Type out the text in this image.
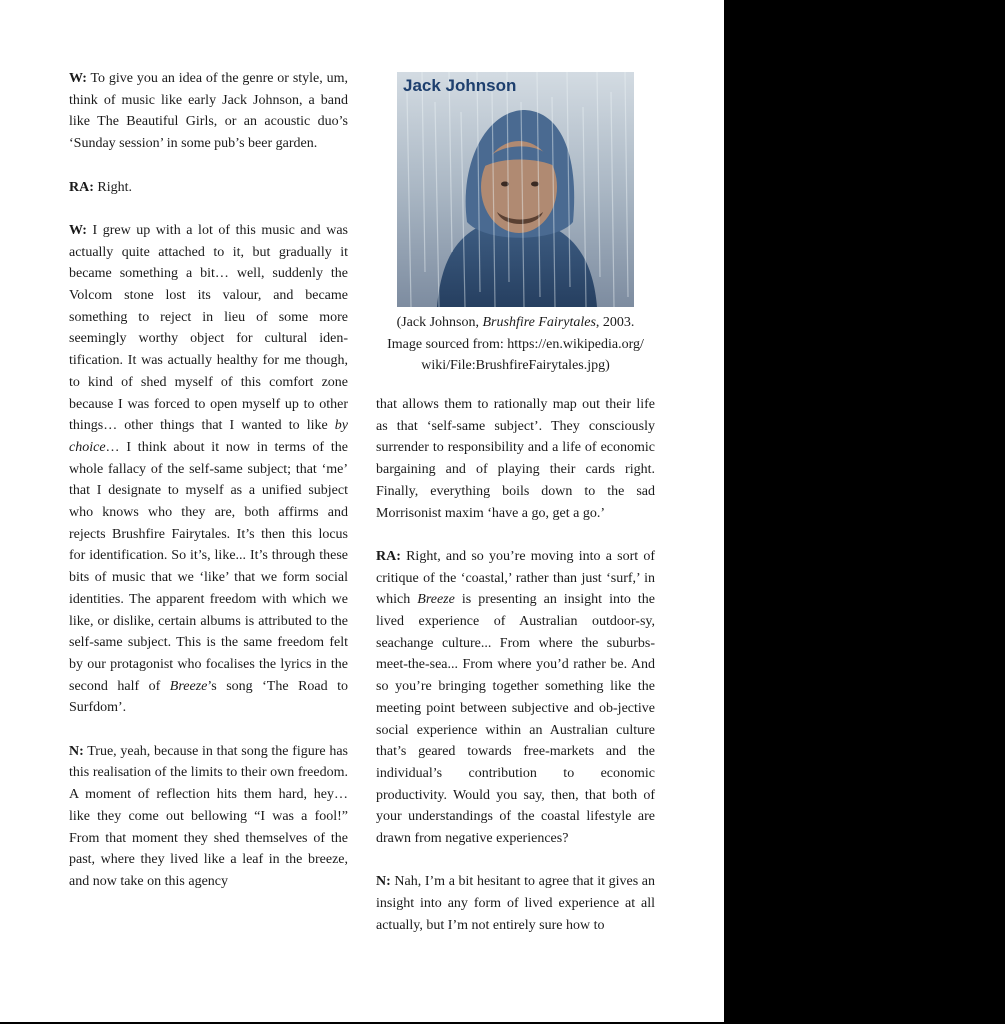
W: To give you an idea of the genre or style, um, think of music like early Jack Johnson, a band like The Beautiful Girls, or an acoustic duo’s ‘Sunday session’ in some pub’s beer garden.

RA: Right.

W: I grew up with a lot of this music and was actually quite attached to it, but gradually it became something a bit… well, suddenly the Volcom stone lost its valour, and became something to reject in lieu of some more seemingly worthy object for cultural iden-tification. It was actually healthy for me though, to kind of shed myself of this comfort zone because I was forced to open myself up to other things… other things that I wanted to like by choice… I think about it now in terms of the whole fallacy of the self-same subject; that ‘me’ that I designate to myself as a unified subject who knows who they are, both affirms and rejects Brushfire Fairytales. It’s then this locus for identification. So it’s, like... It’s through these bits of music that we ‘like’ that we form social identities. The apparent freedom with which we like, or dislike, certain albums is attributed to the self-same subject. This is the same freedom felt by our protagonist who focalises the lyrics in the second half of Breeze’s song ‘The Road to Surfdom’.

N: True, yeah, because in that song the figure has this realisation of the limits to their own freedom. A moment of reflection hits them hard, hey… like they come out bellowing “I was a fool!” From that moment they shed themselves of the past, where they lived like a leaf in the breeze, and now take on this agency

Jack Johnson
(Jack Johnson, Brushfire Fairytales, 2003.
Image sourced from: https://en.wikipedia.org/
wiki/File:BrushfireFairytales.jpg)

that allows them to rationally map out their life as that ‘self-same subject’. They consciously surrender to responsibility and a life of economic bargaining and of playing their cards right. Finally, everything boils down to the sad Morrisonist maxim ‘have a go, get a go.’

RA: Right, and so you’re moving into a sort of critique of the ‘coastal,’ rather than just ‘surf,’ in which Breeze is presenting an insight into the lived experience of Australian outdoor-sy, seachange culture... From where the suburbs-meet-the-sea... From where you’d rather be. And so you’re bringing together something like the meeting point between subjective and ob-jective social experience within an Australian culture that’s geared towards free-markets and the individual’s contribution to economic productivity. Would you say, then, that both of your understandings of the coastal lifestyle are drawn from negative experiences?

N: Nah, I’m a bit hesitant to agree that it gives an insight into any form of lived experience at all actually, but I’m not entirely sure how to
